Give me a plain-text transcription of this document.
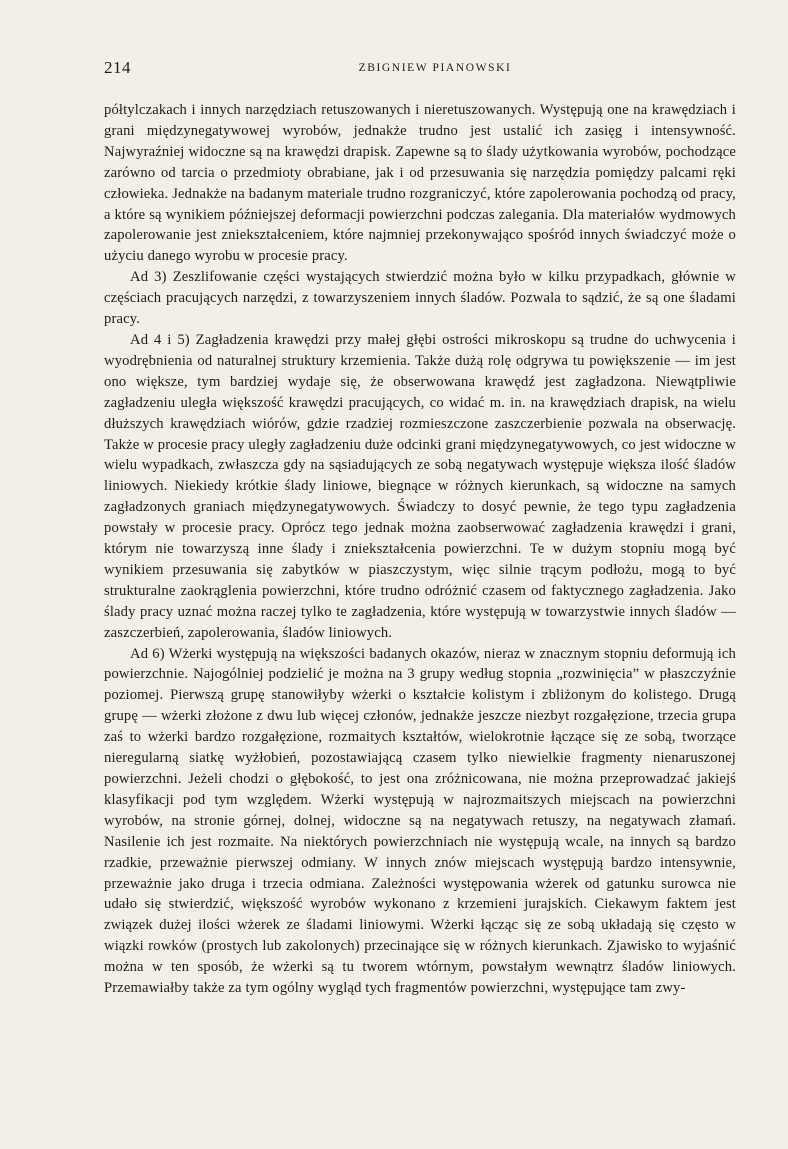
214	ZBIGNIEW PIANOWSKI

półtylczakach i innych narzędziach retuszowanych i nieretuszowanych. Występują one na krawędziach i grani międzynegatywowej wyrobów, jednakże trudno jest ustalić ich zasięg i intensywność. Najwyraźniej widoczne są na krawędzi drapisk. Zapewne są to ślady użytkowania wyrobów, pochodzące zarówno od tarcia o przedmioty obrabiane, jak i od przesuwania się narzędzia pomiędzy palcami ręki człowieka. Jednakże na badanym materiale trudno rozgraniczyć, które zapolerowania pochodzą od pracy, a które są wynikiem późniejszej deformacji powierzchni podczas zalegania. Dla materiałów wydmowych zapolerowanie jest zniekształceniem, które najmniej przekonywająco spośród innych świadczyć może o użyciu danego wyrobu w procesie pracy.

Ad 3) Zeszlifowanie części wystających stwierdzić można było w kilku przypadkach, głównie w częściach pracujących narzędzi, z towarzyszeniem innych śladów. Pozwala to sądzić, że są one śladami pracy.

Ad 4 i 5) Zagładzenia krawędzi przy małej głębi ostrości mikroskopu są trudne do uchwycenia i wyodrębnienia od naturalnej struktury krzemienia. Także dużą rolę odgrywa tu powiększenie — im jest ono większe, tym bardziej wydaje się, że obserwowana krawędź jest zagładzona. Niewątpliwie zagładzeniu uległa większość krawędzi pracujących, co widać m. in. na krawędziach drapisk, na wielu dłuższych krawędziach wiórów, gdzie rzadziej rozmieszczone zaszczerbienie pozwala na obserwację. Także w procesie pracy uległy zagładzeniu duże odcinki grani międzynegatywowych, co jest widoczne w wielu wypadkach, zwłaszcza gdy na sąsiadujących ze sobą negatywach występuje większa ilość śladów liniowych. Niekiedy krótkie ślady liniowe, biegnące w różnych kierunkach, są widoczne na samych zagładzonych graniach międzynegatywowych. Świadczy to dosyć pewnie, że tego typu zagładzenia powstały w procesie pracy. Oprócz tego jednak można zaobserwować zagładzenia krawędzi i grani, którym nie towarzyszą inne ślady i zniekształcenia powierzchni. Te w dużym stopniu mogą być wynikiem przesuwania się zabytków w piaszczystym, więc silnie trącym podłożu, mogą to być strukturalne zaokrąglenia powierzchni, które trudno odróżnić czasem od faktycznego zagładzenia. Jako ślady pracy uznać można raczej tylko te zagładzenia, które występują w towarzystwie innych śladów — zaszczerbień, zapolerowania, śladów liniowych.

Ad 6) Wżerki występują na większości badanych okazów, nieraz w znacznym stopniu deformują ich powierzchnie. Najogólniej podzielić je można na 3 grupy według stopnia „rozwinięcia” w płaszczyźnie poziomej. Pierwszą grupę stanowiłyby wżerki o kształcie kolistym i zbliżonym do kolistego. Drugą grupę — wżerki złożone z dwu lub więcej członów, jednakże jeszcze niezbyt rozgałęzione, trzecia grupa zaś to wżerki bardzo rozgałęzione, rozmaitych kształtów, wielokrotnie łączące się ze sobą, tworzące nieregularną siatkę wyżłobień, pozostawiającą czasem tylko niewielkie fragmenty nienaruszonej powierzchni. Jeżeli chodzi o głębokość, to jest ona zróżnicowana, nie można przeprowadzać jakiejś klasyfikacji pod tym względem. Wżerki występują w najrozmaitszych miejscach na powierzchni wyrobów, na stronie górnej, dolnej, widoczne są na negatywach retuszy, na negatywach złamań. Nasilenie ich jest rozmaite. Na niektórych powierzchniach nie występują wcale, na innych są bardzo rzadkie, przeważnie pierwszej odmiany. W innych znów miejscach występują bardzo intensywnie, przeważnie jako druga i trzecia odmiana. Zależności występowania wżerek od gatunku surowca nie udało się stwierdzić, większość wyrobów wykonano z krzemieni jurajskich. Ciekawym faktem jest związek dużej ilości wżerek ze śladami liniowymi. Wżerki łącząc się ze sobą układają się często w wiązki rowków (prostych lub zakolonych) przecinające się w różnych kierunkach. Zjawisko to wyjaśnić można w ten sposób, że wżerki są tu tworem wtórnym, powstałym wewnątrz śladów liniowych. Przemawiałby także za tym ogólny wygląd tych fragmentów powierzchni, występujące tam zwy-
